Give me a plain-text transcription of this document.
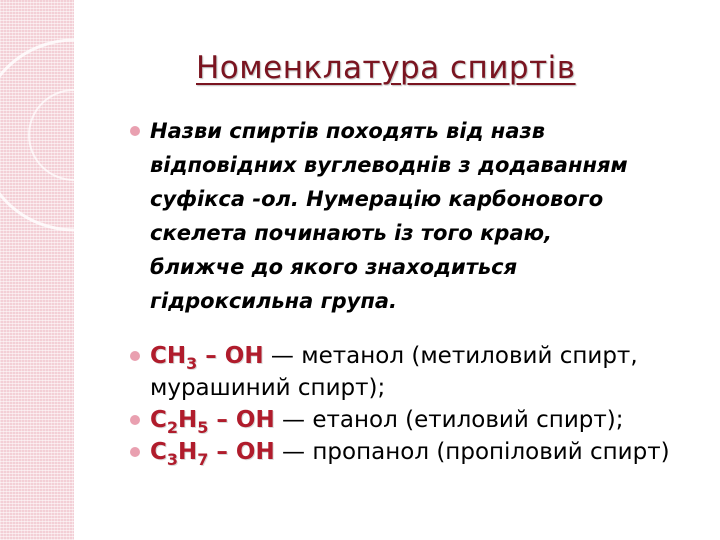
Номенклатура спиртів
Назви спиртів походять від назв відповідних вуглеводнів з додаванням суфікса -ол. Нумерацію карбонового скелета починають із того краю, ближче до якого знаходиться гідроксильна група.
$CH_3$ – OH — метанол (метиловий спирт,
мурашиний спирт);
$C_2H_5$ – OH — етанол (етиловий спирт);
$C_3H_7$ – OH — пропанол (пропіловий спирт)
